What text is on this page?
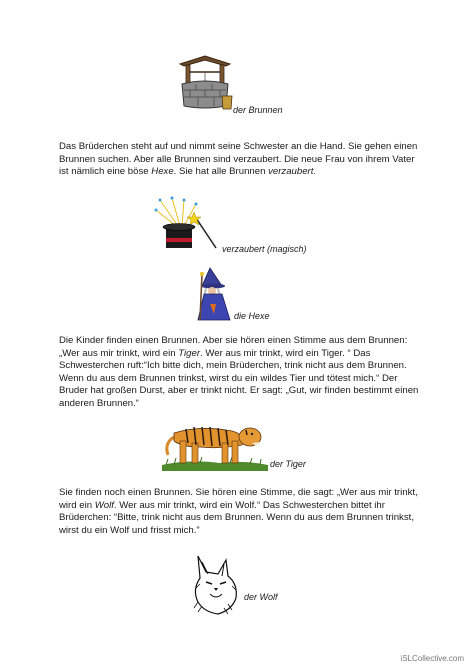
der Brunnen

Das Brüderchen steht auf und nimmt seine Schwester an die Hand. Sie gehen einen Brunnen suchen. Aber alle Brunnen sind verzaubert. Die neue Frau von ihrem Vater ist nämlich eine böse Hexe. Sie hat alle Brunnen verzaubert.

verzaubert (magisch)
die Hexe

Die Kinder finden einen Brunnen. Aber sie hören einen Stimme aus dem Brunnen: „Wer aus mir trinkt, wird ein Tiger. Wer aus mir trinkt, wird ein Tiger. “ Das Schwesterchen ruft:“Ich bitte dich, mein Brüderchen, trink nicht aus dem Brunnen. Wenn du aus dem Brunnen trinkst, wirst du ein wildes Tier und tötest mich.“ Der Bruder hat großen Durst, aber er trinkt nicht. Er sagt: „Gut, wir finden bestimmt einen anderen Brunnen.“

der Tiger

Sie finden noch einen Brunnen. Sie hören eine Stimme, die sagt: „Wer aus mir trinkt, wird ein Wolf. Wer aus mir trinkt, wird ein Wolf.“ Das Schwesterchen bittet ihr Brüderchen: “Bitte, trink nicht aus dem Brunnen. Wenn du aus dem Brunnen trinkst, wirst du ein Wolf und frisst mich.”

der Wolf
iSLCollective.com
